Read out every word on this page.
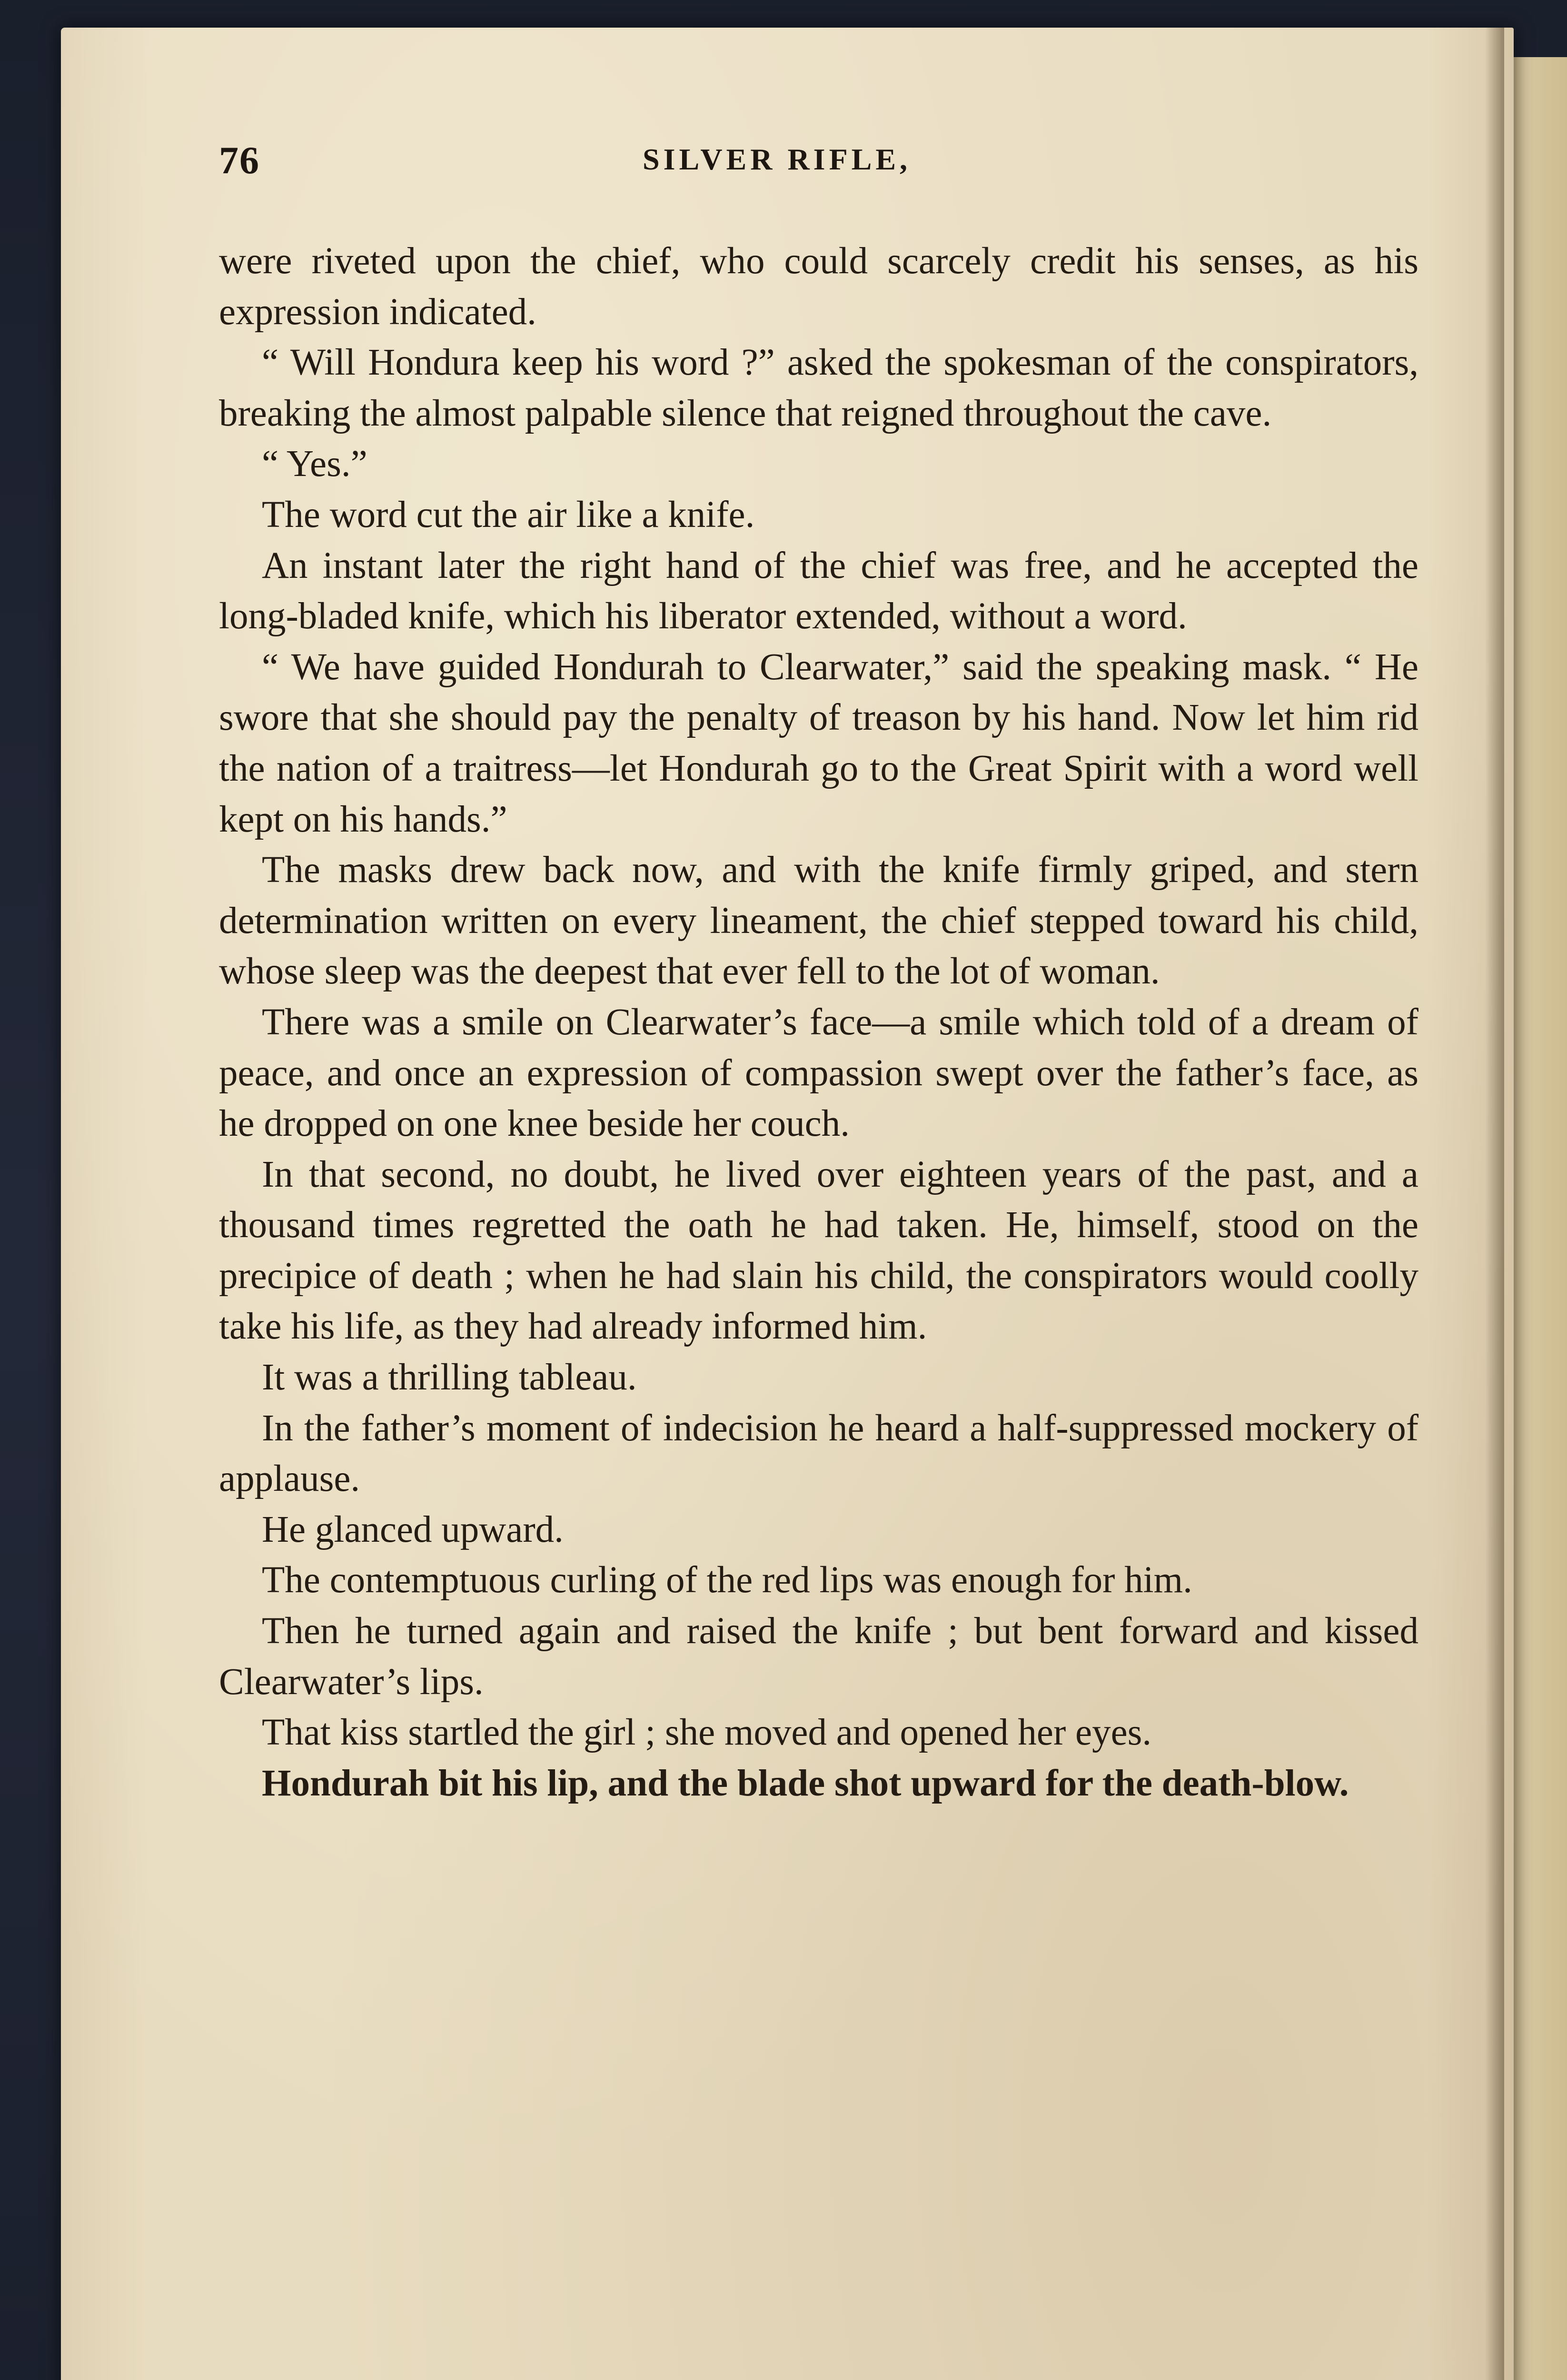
76	SILVER RIFLE,

were riveted upon the chief, who could scarcely credit his senses, as his expression indicated.

“ Will Hondura keep his word ?” asked the spokesman of the conspirators, breaking the almost palpable silence that reigned throughout the cave.

“ Yes.”

The word cut the air like a knife.

An instant later the right hand of the chief was free, and he accepted the long-bladed knife, which his liberator extended, without a word.

“ We have guided Hondurah to Clearwater,” said the speaking mask. “ He swore that she should pay the penalty of treason by his hand. Now let him rid the nation of a traitress—let Hondurah go to the Great Spirit with a word well kept on his hands.”

The masks drew back now, and with the knife firmly griped, and stern determination written on every lineament, the chief stepped toward his child, whose sleep was the deepest that ever fell to the lot of woman.

There was a smile on Clearwater’s face—a smile which told of a dream of peace, and once an expression of compassion swept over the father’s face, as he dropped on one knee beside her couch.

In that second, no doubt, he lived over eighteen years of the past, and a thousand times regretted the oath he had taken. He, himself, stood on the precipice of death ; when he had slain his child, the conspirators would coolly take his life, as they had already informed him.

It was a thrilling tableau.

In the father’s moment of indecision he heard a half-suppressed mockery of applause.

He glanced upward.

The contemptuous curling of the red lips was enough for him.

Then he turned again and raised the knife ; but bent forward and kissed Clearwater’s lips.

That kiss startled the girl ; she moved and opened her eyes.

Hondurah bit his lip, and the blade shot upward for the death-blow.
